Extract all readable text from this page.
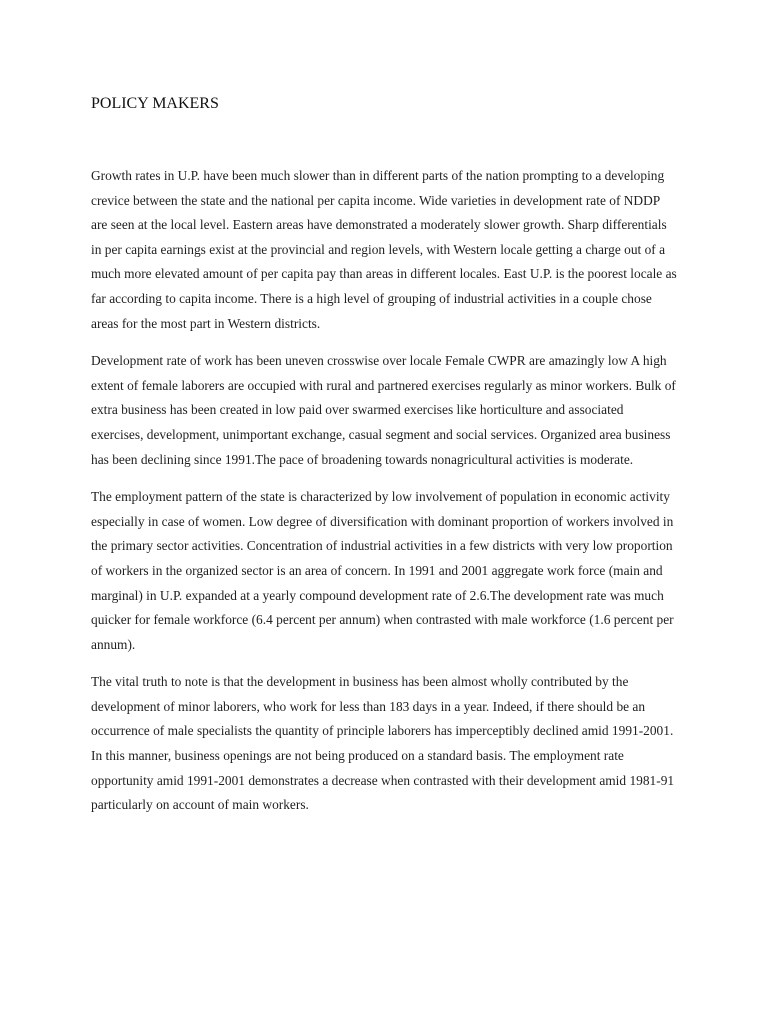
POLICY MAKERS

Growth rates in U.P. have been much slower than in different parts of the nation prompting to a developing crevice between the state and the national per capita income. Wide varieties in development rate of NDDP are seen at the local level. Eastern areas have demonstrated a moderately slower growth. Sharp differentials in per capita earnings exist at the provincial and region levels, with Western locale getting a charge out of a much more elevated amount of per capita pay than areas in different locales. East U.P. is the poorest locale as far according to capita income. There is a high level of grouping of industrial activities in a couple chose areas for the most part in Western districts.

Development rate of work has been uneven crosswise over locale Female CWPR are amazingly low A high extent of female laborers are occupied with rural and partnered exercises regularly as minor workers. Bulk of extra business has been created in low paid over swarmed exercises like horticulture and associated exercises, development, unimportant exchange, casual segment and social services. Organized area business has been declining since 1991.The pace of broadening towards nonagricultural activities is moderate.

The employment pattern of the state is characterized by low involvement of population in economic activity especially in case of women. Low degree of diversification with dominant proportion of workers involved in the primary sector activities. Concentration of industrial activities in a few districts with very low proportion of workers in the organized sector is an area of concern. In 1991 and 2001 aggregate work force (main and marginal) in U.P. expanded at a yearly compound development rate of 2.6.The development rate was much quicker for female workforce (6.4 percent per annum) when contrasted with male workforce (1.6 percent per annum).

The vital truth to note is that the development in business has been almost wholly contributed by the development of minor laborers, who work for less than 183 days in a year. Indeed, if there should be an occurrence of male specialists the quantity of principle laborers has imperceptibly declined amid 1991-2001. In this manner, business openings are not being produced on a standard basis. The employment rate opportunity amid 1991-2001 demonstrates a decrease when contrasted with their development amid 1981-91 particularly on account of main workers.
